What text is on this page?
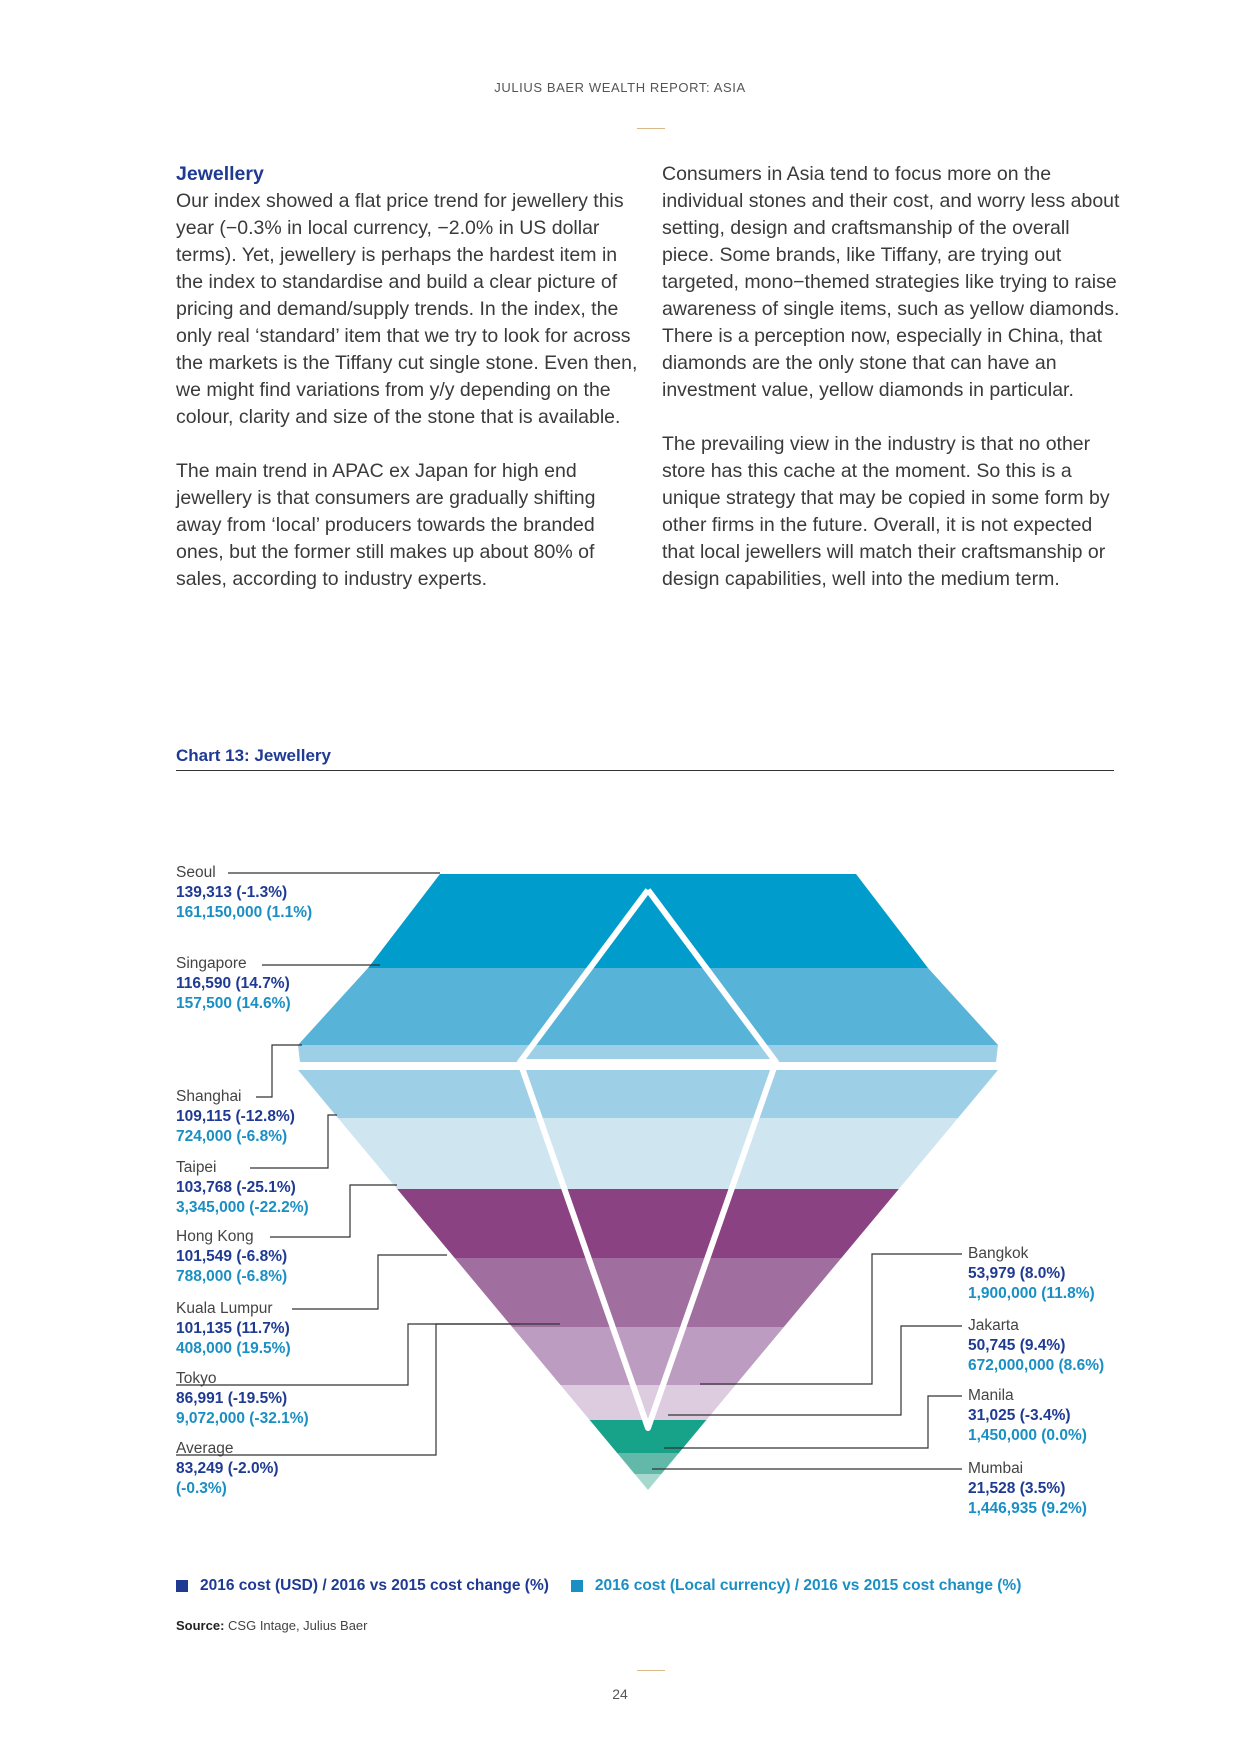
JULIUS BAER WEALTH REPORT: ASIA
Jewellery

Our index showed a flat price trend for jewellery this year (−0.3% in local currency, −2.0% in US dollar terms). Yet, jewellery is perhaps the hardest item in the index to standardise and build a clear picture of pricing and demand/supply trends. In the index, the only real ‘standard’ item that we try to look for across the markets is the Tiffany cut single stone. Even then, we might find variations from y/y depending on the colour, clarity and size of the stone that is available.

The main trend in APAC ex Japan for high end jewellery is that consumers are gradually shifting away from ‘local’ producers towards the branded ones, but the former still makes up about 80% of sales, according to industry experts.

Consumers in Asia tend to focus more on the individual stones and their cost, and worry less about setting, design and craftsmanship of the overall piece. Some brands, like Tiffany, are trying out targeted, mono−themed strategies like trying to raise awareness of single items, such as yellow diamonds. There is a perception now, especially in China, that diamonds are the only stone that can have an investment value, yellow diamonds in particular.

The prevailing view in the industry is that no other store has this cache at the moment. So this is a unique strategy that may be copied in some form by other firms in the future. Overall, it is not expected that local jewellers will match their craftsmanship or design capabilities, well into the medium term.

Chart 13: Jewellery
Seoul
139,313 (-1.3%)
161,150,000 (1.1%)
Singapore
116,590 (14.7%)
157,500 (14.6%)
Shanghai
109,115 (-12.8%)
724,000 (-6.8%)
Taipei
103,768 (-25.1%)
3,345,000 (-22.2%)
Hong Kong
101,549 (-6.8%)
788,000 (-6.8%)
Kuala Lumpur
101,135 (11.7%)
408,000 (19.5%)
Tokyo
86,991 (-19.5%)
9,072,000 (-32.1%)
Average
83,249 (-2.0%)
(-0.3%)
Bangkok
53,979 (8.0%)
1,900,000 (11.8%)
Jakarta
50,745 (9.4%)
672,000,000 (8.6%)
Manila
31,025 (-3.4%)
1,450,000 (0.0%)
Mumbai
21,528 (3.5%)
1,446,935 (9.2%)
2016 cost (USD) / 2016 vs 2015 cost change (%)	2016 cost (Local currency) / 2016 vs 2015 cost change (%)
Source: CSG Intage, Julius Baer
24
